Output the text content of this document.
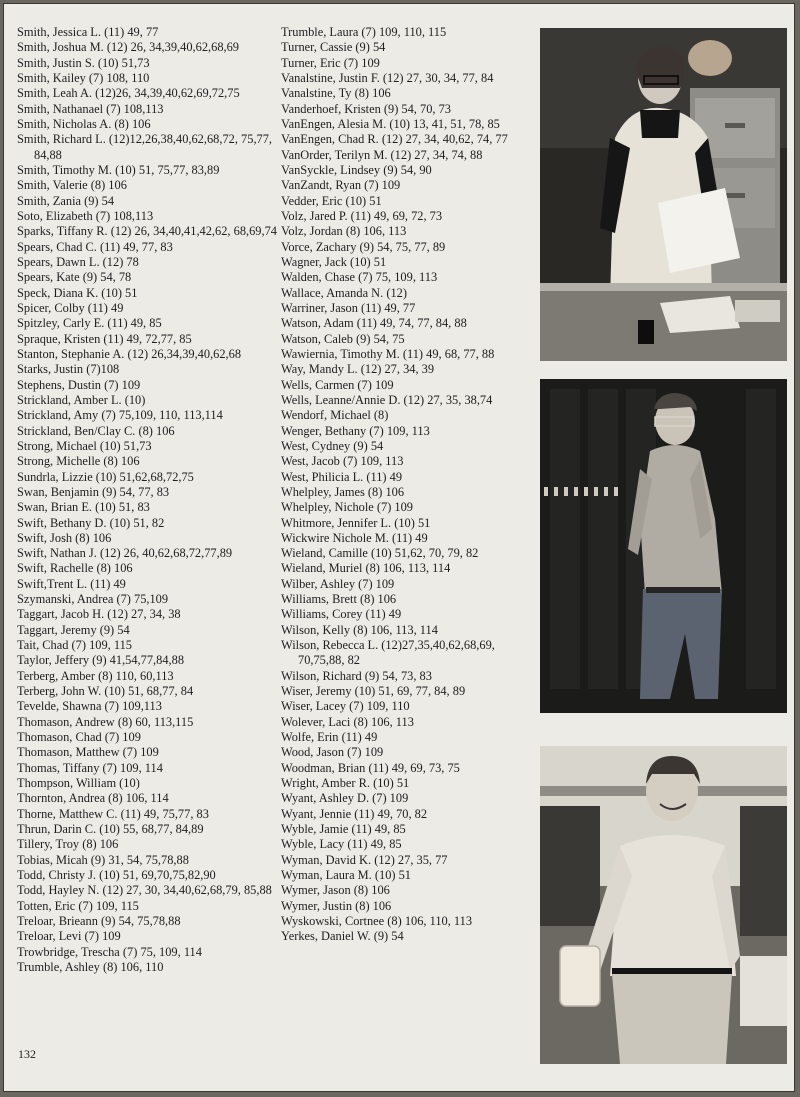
Smith, Jessica L. (11) 49, 77
Smith, Joshua M. (12) 26, 34,39,40,62,68,69
Smith, Justin S. (10) 51,73
Smith, Kailey (7) 108, 110
Smith, Leah A. (12)26, 34,39,40,62,69,72,75
Smith, Nathanael (7) 108,113
Smith, Nicholas A. (8) 106
Smith, Richard L. (12)12,26,38,40,62,68,72, 75,77, 84,88
Smith, Timothy M. (10) 51, 75,77, 83,89
Smith, Valerie (8) 106
Smith, Zania (9) 54
Soto, Elizabeth (7) 108,113
Sparks, Tiffany R. (12) 26, 34,40,41,42,62, 68,69,74
Spears, Chad C. (11) 49, 77, 83
Spears, Dawn L. (12) 78
Spears, Kate (9) 54, 78
Speck, Diana K. (10) 51
Spicer, Colby (11) 49
Spitzley, Carly E. (11) 49, 85
Spraque, Kristen (11) 49, 72,77, 85
Stanton, Stephanie A. (12) 26,34,39,40,62,68
Starks, Justin (7)108
Stephens, Dustin (7) 109
Strickland, Amber L. (10)
Strickland, Amy (7) 75,109, 110, 113,114
Strickland, Ben/Clay C. (8) 106
Strong, Michael (10) 51,73
Strong, Michelle (8) 106
Sundrla, Lizzie (10) 51,62,68,72,75
Swan, Benjamin (9) 54, 77, 83
Swan, Brian E. (10) 51, 83
Swift, Bethany D. (10) 51, 82
Swift, Josh (8) 106
Swift, Nathan J. (12) 26, 40,62,68,72,77,89
Swift, Rachelle (8) 106
Swift,Trent L. (11) 49
Szymanski, Andrea (7) 75,109
Taggart, Jacob H. (12) 27, 34, 38
Taggart, Jeremy (9) 54
Tait, Chad (7) 109, 115
Taylor, Jeffery (9) 41,54,77,84,88
Terberg, Amber (8) 110, 60,113
Terberg, John W. (10) 51, 68,77, 84
Tevelde, Shawna (7) 109,113
Thomason, Andrew (8) 60, 113,115
Thomason, Chad (7) 109
Thomason, Matthew (7) 109
Thomas, Tiffany (7) 109, 114
Thompson, William (10)
Thornton, Andrea (8) 106, 114
Thorne, Matthew C. (11) 49, 75,77, 83
Thrun, Darin C. (10) 55, 68,77, 84,89
Tillery, Troy (8) 106
Tobias, Micah (9) 31, 54, 75,78,88
Todd, Christy J. (10) 51, 69,70,75,82,90
Todd, Hayley N. (12) 27, 30, 34,40,62,68,79, 85,88
Totten, Eric (7) 109, 115
Treloar, Brieann (9) 54, 75,78,88
Treloar, Levi (7) 109
Trowbridge, Trescha (7) 75, 109, 114
Trumble, Ashley (8) 106, 110
Trumble, Laura (7) 109, 110, 115
Turner, Cassie (9) 54
Turner, Eric (7) 109
Vanalstine, Justin F. (12) 27, 30, 34, 77, 84
Vanalstine, Ty (8) 106
Vanderhoef, Kristen (9) 54, 70, 73
VanEngen, Alesia M. (10) 13, 41, 51, 78, 85
VanEngen, Chad R. (12) 27, 34, 40,62, 74, 77
VanOrder, Terilyn M. (12) 27, 34, 74, 88
VanSyckle, Lindsey (9) 54, 90
VanZandt, Ryan (7) 109
Vedder, Eric (10) 51
Volz, Jared P. (11) 49, 69, 72, 73
Volz, Jordan (8) 106, 113
Vorce, Zachary (9) 54, 75, 77, 89
Wagner, Jack (10) 51
Walden, Chase (7) 75, 109, 113
Wallace, Amanda N. (12)
Warriner, Jason (11) 49, 77
Watson, Adam (11) 49, 74, 77, 84, 88
Watson, Caleb (9) 54, 75
Wawiernia, Timothy M. (11) 49, 68, 77, 88
Way, Mandy L. (12) 27, 34, 39
Wells, Carmen (7) 109
Wells, Leanne/Annie D. (12) 27, 35, 38,74
Wendorf, Michael (8)
Wenger, Bethany (7) 109, 113
West, Cydney (9) 54
West, Jacob (7) 109, 113
West, Philicia L. (11) 49
Whelpley, James (8) 106
Whelpley, Nichole (7) 109
Whitmore, Jennifer L. (10) 51
Wickwire Nichole M. (11) 49
Wieland, Camille (10) 51,62, 70, 79, 82
Wieland, Muriel (8) 106, 113, 114
Wilber, Ashley (7) 109
Williams, Brett (8) 106
Williams, Corey (11) 49
Wilson, Kelly (8) 106, 113, 114
Wilson, Rebecca L. (12)27,35,40,62,68,69, 70,75,88, 82
Wilson, Richard (9) 54, 73, 83
Wiser, Jeremy (10) 51, 69, 77, 84, 89
Wiser, Lacey (7) 109, 110
Wolever, Laci (8) 106, 113
Wolfe, Erin (11) 49
Wood, Jason (7) 109
Woodman, Brian (11) 49, 69, 73, 75
Wright, Amber R. (10) 51
Wyant, Ashley D. (7) 109
Wyant, Jennie (11) 49, 70, 82
Wyble, Jamie (11) 49, 85
Wyble, Lacy (11) 49, 85
Wyman, David K. (12) 27, 35, 77
Wyman, Laura M. (10) 51
Wymer, Jason (8) 106
Wymer, Justin (8) 106
Wyskowski, Cortnee (8) 106, 110, 113
Yerkes, Daniel W. (9) 54
132
